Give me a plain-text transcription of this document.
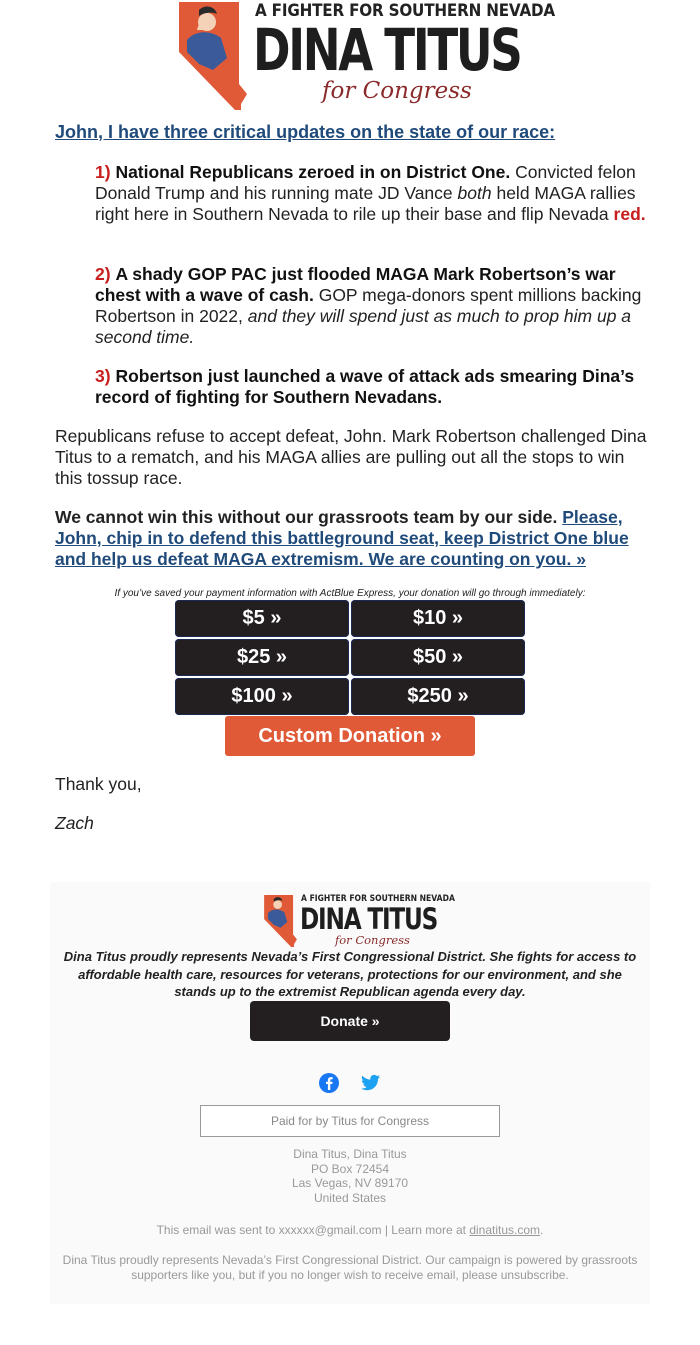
A FIGHTER FOR SOUTHERN NEVADA
DINA TITUS
for Congress
John, I have three critical updates on the state of our race:
1) National Republicans zeroed in on District One. Convicted felon Donald Trump and his running mate JD Vance both held MAGA rallies right here in Southern Nevada to rile up their base and flip Nevada red.
2) A shady GOP PAC just flooded MAGA Mark Robertson’s war chest with a wave of cash. GOP mega-donors spent millions backing Robertson in 2022, and they will spend just as much to prop him up a second time.
3) Robertson just launched a wave of attack ads smearing Dina’s record of fighting for Southern Nevadans.
Republicans refuse to accept defeat, John. Mark Robertson challenged Dina Titus to a rematch, and his MAGA allies are pulling out all the stops to win this tossup race.
We cannot win this without our grassroots team by our side. Please, John, chip in to defend this battleground seat, keep District One blue and help us defeat MAGA extremism. We are counting on you. »
If you’ve saved your payment information with ActBlue Express, your donation will go through immediately:
$5 »	$10 »
$25 »	$50 »
$100 »	$250 »
✦
✦
Custom Donation »
Thank you,
Zach
A FIGHTER FOR SOUTHERN NEVADA
DINA TITUS
for Congress
Dina Titus proudly represents Nevada’s First Congressional District. She fights for access to affordable health care, resources for veterans, protections for our environment, and she stands up to the extremist Republican agenda every day.
Donate »
Paid for by Titus for Congress
Dina Titus, Dina Titus
PO Box 72454
Las Vegas, NV 89170
United States
This email was sent to xxxxxx@gmail.com | Learn more at dinatitus.com.
Dina Titus proudly represents Nevada’s First Congressional District. Our campaign is powered by grassroots supporters like you, but if you no longer wish to receive email, please unsubscribe.
